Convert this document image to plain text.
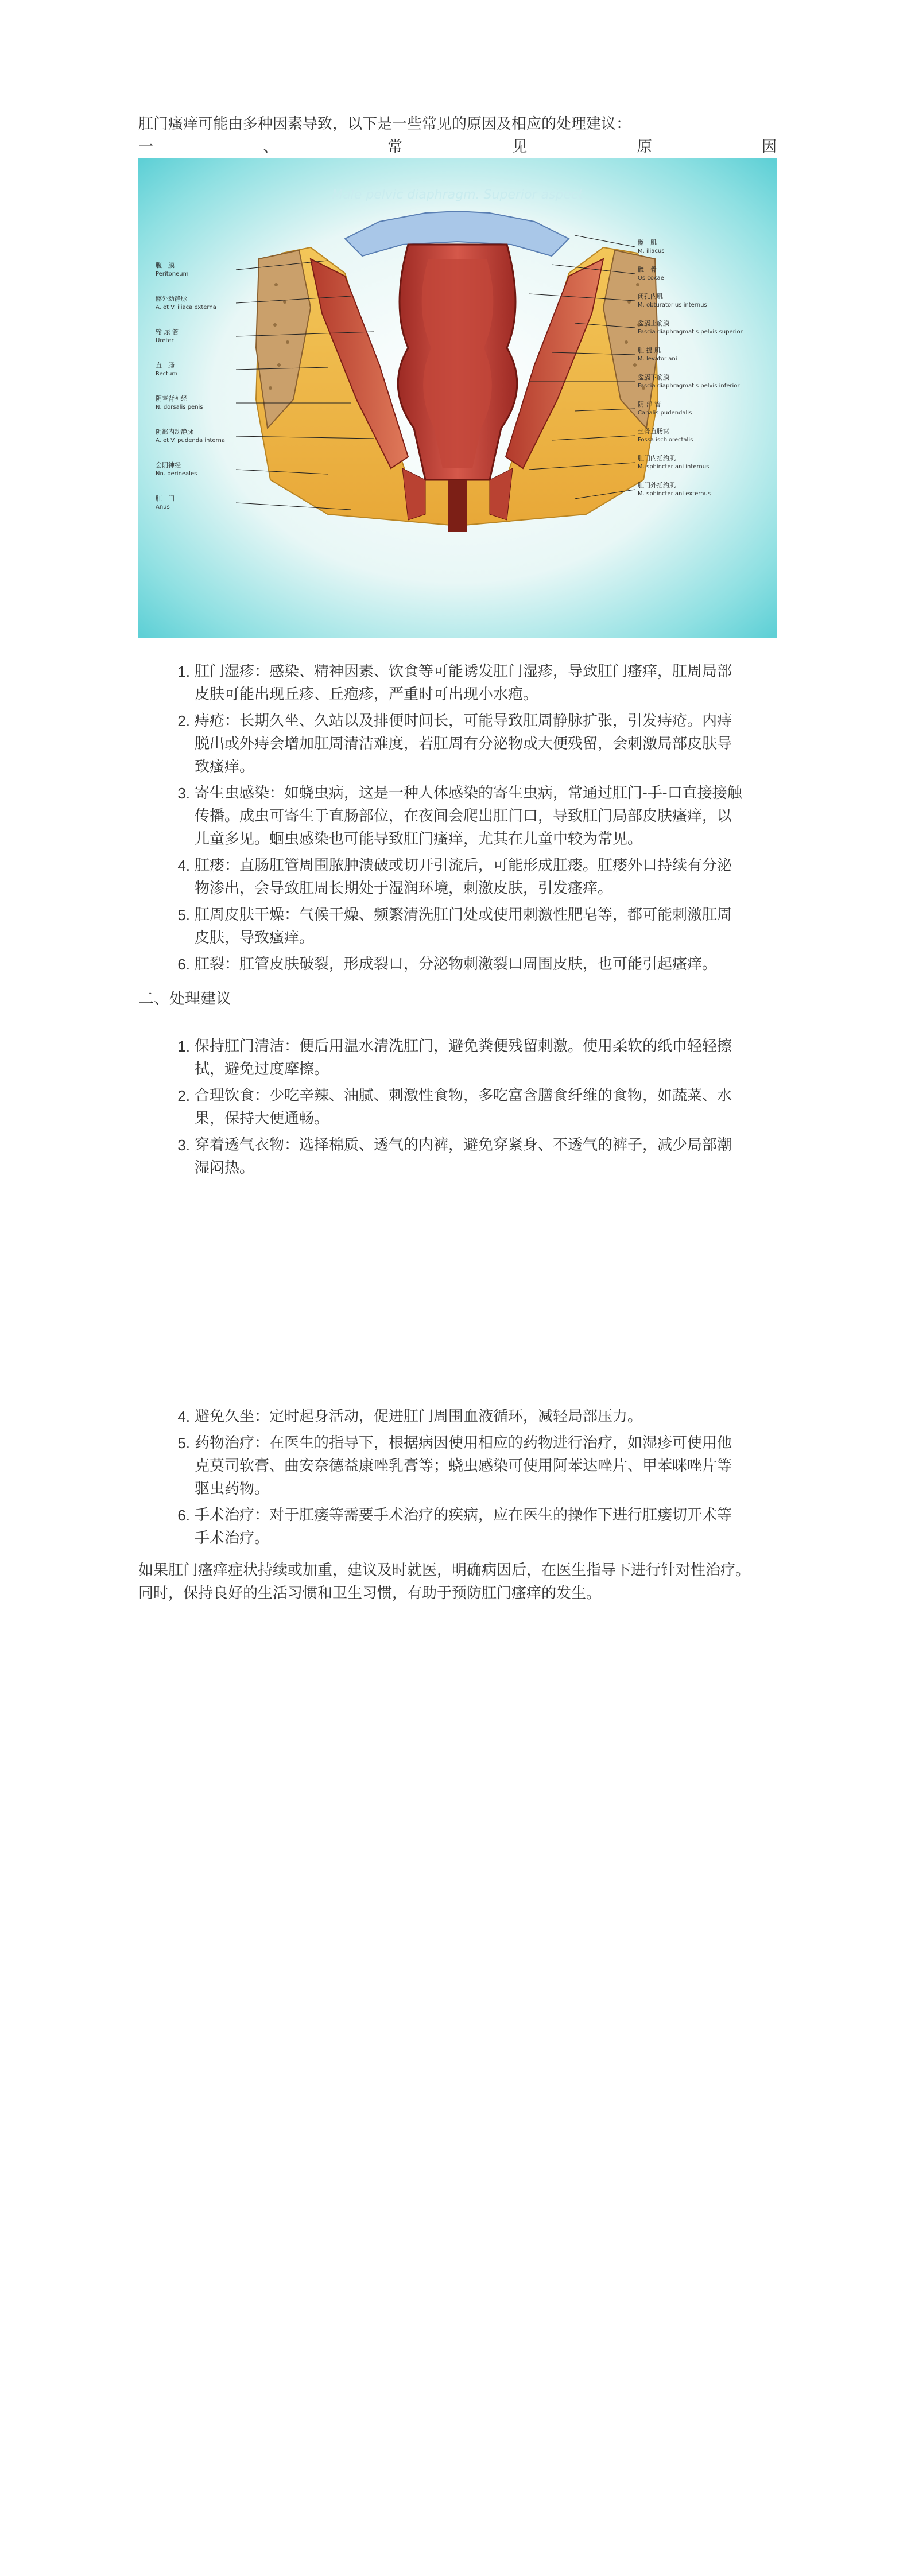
肛门瘙痒可能由多种因素导致，以下是一些常见的原因及相应的处理建议：

一	、	常	见	原	因
Male pelvic diaphragm. Superior aspect
腹　膜
Peritoneum
髂外动静脉
A. et V. iliaca externa
输 尿 管
Ureter
直　肠
Rectum
阴茎背神经
N. dorsalis penis
阴部内动静脉
A. et V. pudenda interna
会阴神经
Nn. perineales
肛　门
Anus
髂　肌
M. iliacus
髋　骨
Os coxae
闭孔内肌
M. obturatorius internus
盆膈上筋膜
Fascia diaphragmatis pelvis superior
肛 提 肌
M. levator ani
盆膈下筋膜
Fascia diaphragmatis pelvis inferior
阴 部 管
Canalis pudendalis
坐骨直肠窝
Fossa ischiorectalis
肛门内括约肌
M. sphincter ani internus
肛门外括约肌
M. sphincter ani externus
1. 肛门湿疹：感染、精神因素、饮食等可能诱发肛门湿疹，导致肛门瘙痒，肛周局部
皮肤可能出现丘疹、丘疱疹，严重时可出现小水疱。
2. 痔疮：长期久坐、久站以及排便时间长，可能导致肛周静脉扩张，引发痔疮。内痔
脱出或外痔会增加肛周清洁难度，若肛周有分泌物或大便残留，会刺激局部皮肤导
致瘙痒。
3. 寄生虫感染：如蛲虫病，这是一种人体感染的寄生虫病，常通过肛门-手-口直接接触
传播。成虫可寄生于直肠部位，在夜间会爬出肛门口，导致肛门局部皮肤瘙痒，以
儿童多见。蛔虫感染也可能导致肛门瘙痒，尤其在儿童中较为常见。
4. 肛瘘：直肠肛管周围脓肿溃破或切开引流后，可能形成肛瘘。肛瘘外口持续有分泌
物渗出，会导致肛周长期处于湿润环境，刺激皮肤，引发瘙痒。
5. 肛周皮肤干燥：气候干燥、频繁清洗肛门处或使用刺激性肥皂等，都可能刺激肛周
皮肤，导致瘙痒。
6. 肛裂：肛管皮肤破裂，形成裂口，分泌物刺激裂口周围皮肤，也可能引起瘙痒。
二、处理建议
1. 保持肛门清洁：便后用温水清洗肛门，避免粪便残留刺激。使用柔软的纸巾轻轻擦
拭，避免过度摩擦。
2. 合理饮食：少吃辛辣、油腻、刺激性食物，多吃富含膳食纤维的食物，如蔬菜、水
果，保持大便通畅。
3. 穿着透气衣物：选择棉质、透气的内裤，避免穿紧身、不透气的裤子，减少局部潮
湿闷热。
4. 避免久坐：定时起身活动，促进肛门周围血液循环，减轻局部压力。
5. 药物治疗：在医生的指导下，根据病因使用相应的药物进行治疗，如湿疹可使用他
克莫司软膏、曲安奈德益康唑乳膏等；蛲虫感染可使用阿苯达唑片、甲苯咪唑片等
驱虫药物。
6. 手术治疗：对于肛瘘等需要手术治疗的疾病，应在医生的操作下进行肛瘘切开术等
手术治疗。
如果肛门瘙痒症状持续或加重，建议及时就医，明确病因后，在医生指导下进行针对性治疗。
同时，保持良好的生活习惯和卫生习惯，有助于预防肛门瘙痒的发生。
